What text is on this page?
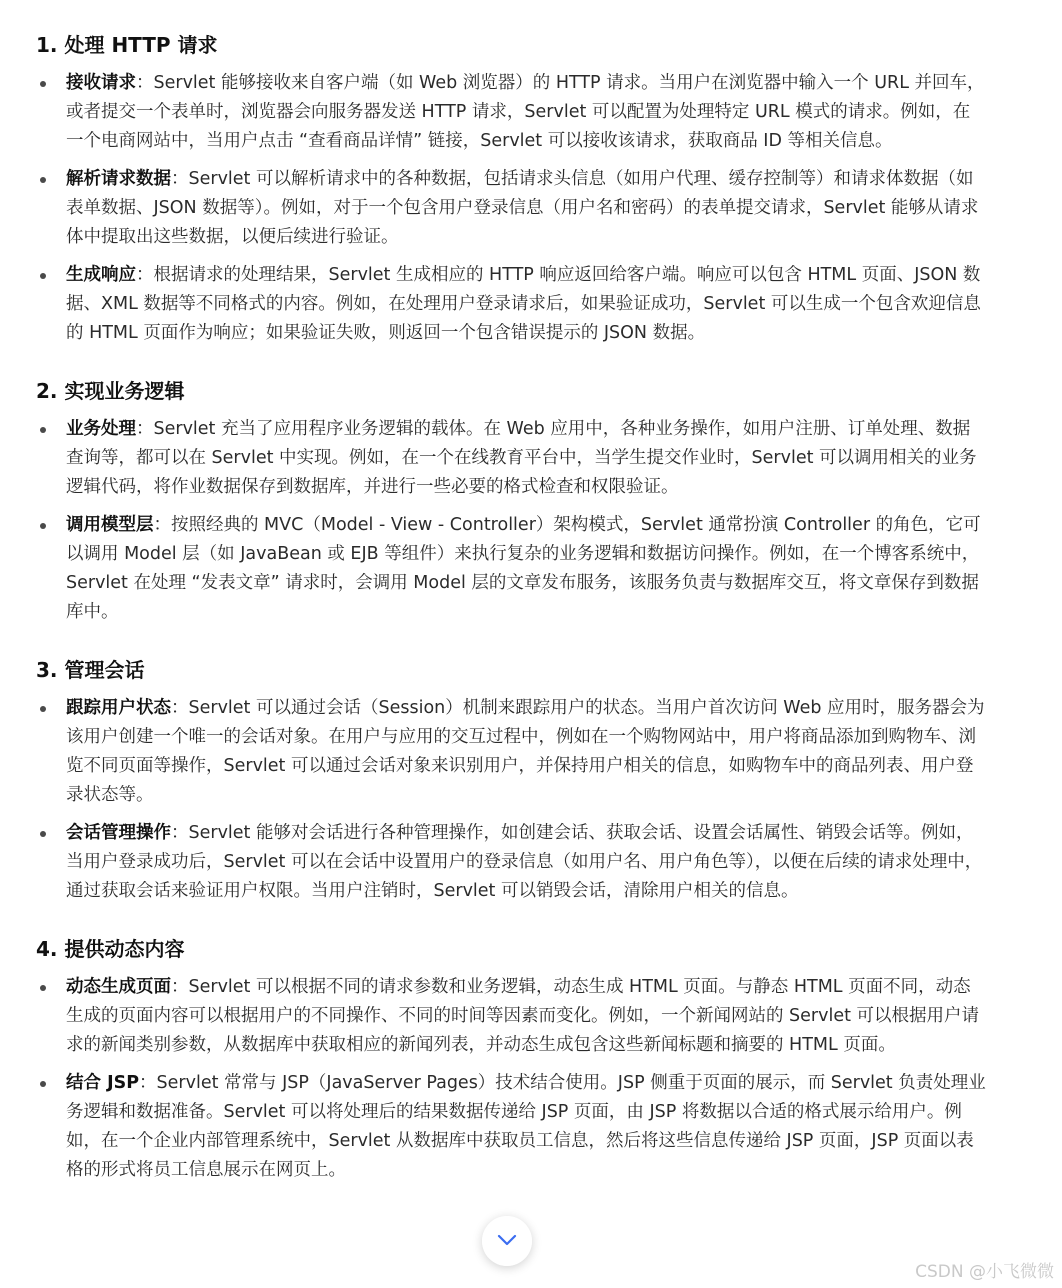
1. 处理 HTTP 请求
接收请求：Servlet 能够接收来自客户端（如 Web 浏览器）的 HTTP 请求。当用户在浏览器中输入一个 URL 并回车，或者提交一个表单时，浏览器会向服务器发送 HTTP 请求，Servlet 可以配置为处理特定 URL 模式的请求。例如，在一个电商网站中，当用户点击 “查看商品详情” 链接，Servlet 可以接收该请求，获取商品 ID 等相关信息。
解析请求数据：Servlet 可以解析请求中的各种数据，包括请求头信息（如用户代理、缓存控制等）和请求体数据（如表单数据、JSON 数据等）。例如，对于一个包含用户登录信息（用户名和密码）的表单提交请求，Servlet 能够从请求体中提取出这些数据，以便后续进行验证。
生成响应：根据请求的处理结果，Servlet 生成相应的 HTTP 响应返回给客户端。响应可以包含 HTML 页面、JSON 数据、XML 数据等不同格式的内容。例如，在处理用户登录请求后，如果验证成功，Servlet 可以生成一个包含欢迎信息的 HTML 页面作为响应；如果验证失败，则返回一个包含错误提示的 JSON 数据。
2. 实现业务逻辑
业务处理：Servlet 充当了应用程序业务逻辑的载体。在 Web 应用中，各种业务操作，如用户注册、订单处理、数据查询等，都可以在 Servlet 中实现。例如，在一个在线教育平台中，当学生提交作业时，Servlet 可以调用相关的业务逻辑代码，将作业数据保存到数据库，并进行一些必要的格式检查和权限验证。
调用模型层：按照经典的 MVC（Model - View - Controller）架构模式，Servlet 通常扮演 Controller 的角色，它可以调用 Model 层（如 JavaBean 或 EJB 等组件）来执行复杂的业务逻辑和数据访问操作。例如，在一个博客系统中，Servlet 在处理 “发表文章” 请求时，会调用 Model 层的文章发布服务，该服务负责与数据库交互，将文章保存到数据库中。
3. 管理会话
跟踪用户状态：Servlet 可以通过会话（Session）机制来跟踪用户的状态。当用户首次访问 Web 应用时，服务器会为该用户创建一个唯一的会话对象。在用户与应用的交互过程中，例如在一个购物网站中，用户将商品添加到购物车、浏览不同页面等操作，Servlet 可以通过会话对象来识别用户，并保持用户相关的信息，如购物车中的商品列表、用户登录状态等。
会话管理操作：Servlet 能够对会话进行各种管理操作，如创建会话、获取会话、设置会话属性、销毁会话等。例如，当用户登录成功后，Servlet 可以在会话中设置用户的登录信息（如用户名、用户角色等），以便在后续的请求处理中，通过获取会话来验证用户权限。当用户注销时，Servlet 可以销毁会话，清除用户相关的信息。
4. 提供动态内容
动态生成页面：Servlet 可以根据不同的请求参数和业务逻辑，动态生成 HTML 页面。与静态 HTML 页面不同，动态生成的页面内容可以根据用户的不同操作、不同的时间等因素而变化。例如，一个新闻网站的 Servlet 可以根据用户请求的新闻类别参数，从数据库中获取相应的新闻列表，并动态生成包含这些新闻标题和摘要的 HTML 页面。
结合 JSP：Servlet 常常与 JSP（JavaServer Pages）技术结合使用。JSP 侧重于页面的展示，而 Servlet 负责处理业务逻辑和数据准备。Servlet 可以将处理后的结果数据传递给 JSP 页面，由 JSP 将数据以合适的格式展示给用户。例如，在一个企业内部管理系统中，Servlet 从数据库中获取员工信息，然后将这些信息传递给 JSP 页面，JSP 页面以表格的形式将员工信息展示在网页上。
CSDN @小飞微微
